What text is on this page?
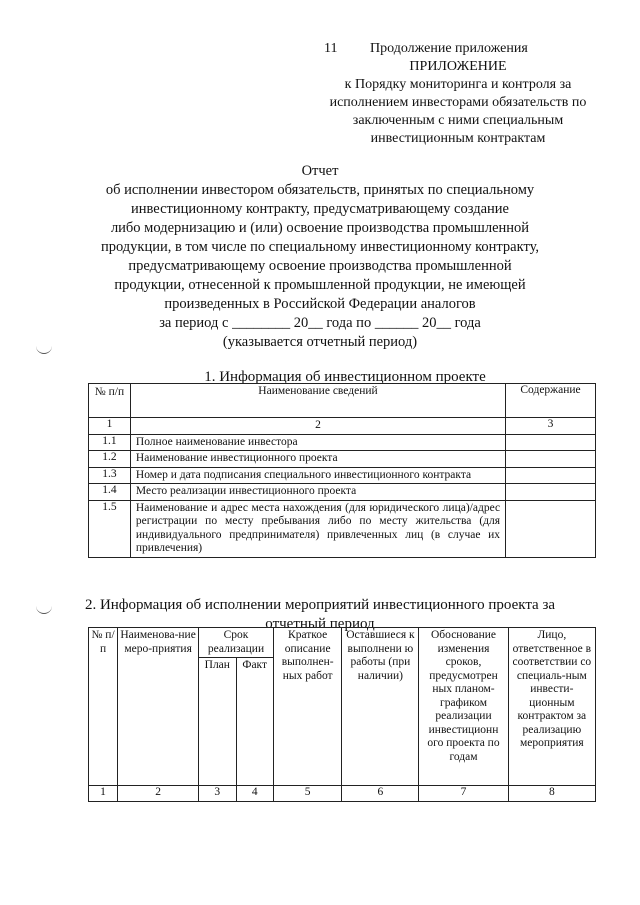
11 Продолжение приложения
ПРИЛОЖЕНИЕ
к Порядку мониторинга и контроля за исполнением инвесторами обязательств по заключенным с ними специальным инвестиционным контрактам
Отчет
об исполнении инвестором обязательств, принятых по специальному
инвестиционному контракту, предусматривающему создание
либо модернизацию и (или) освоение производства промышленной
продукции, в том числе по специальному инвестиционному контракту,
предусматривающему освоение производства промышленной
продукции, отнесенной к промышленной продукции, не имеющей
произведенных в Российской Федерации аналогов
за период с ________ 20__ года по ______ 20__ года
(указывается отчетный период)
1. Информация об инвестиционном проекте
№ п/п	Наименование сведений	Содержание
1	2	3
1.1	Полное наименование инвестора	
1.2	Наименование инвестиционного проекта	
1.3	Номер и дата подписания специального инвестиционного контракта	
1.4	Место реализации инвестиционного проекта	
1.5	Наименование и адрес места нахождения (для юридического лица)/адрес регистрации по месту пребывания либо по месту жительства (для индивидуального предпринимателя) привлеченных лиц (в случае их привлечения)	
2. Информация об исполнении мероприятий инвестиционного проекта за
отчетный период
№ п/п	Наименова-ние меро-приятия	Срок реализации		Краткое описание выполнен-ных работ	Оставшиеся к выполнени ю работы (при наличии)	Обоснование изменения сроков, предусмотрен ных планом-графиком реализации инвестиционн ого проекта по годам	Лицо, ответственное в соответствии со специаль-ным инвести-ционным контрактом за реализацию мероприятия
		План	Факт				
1	2	3	4	5	6	7	8
